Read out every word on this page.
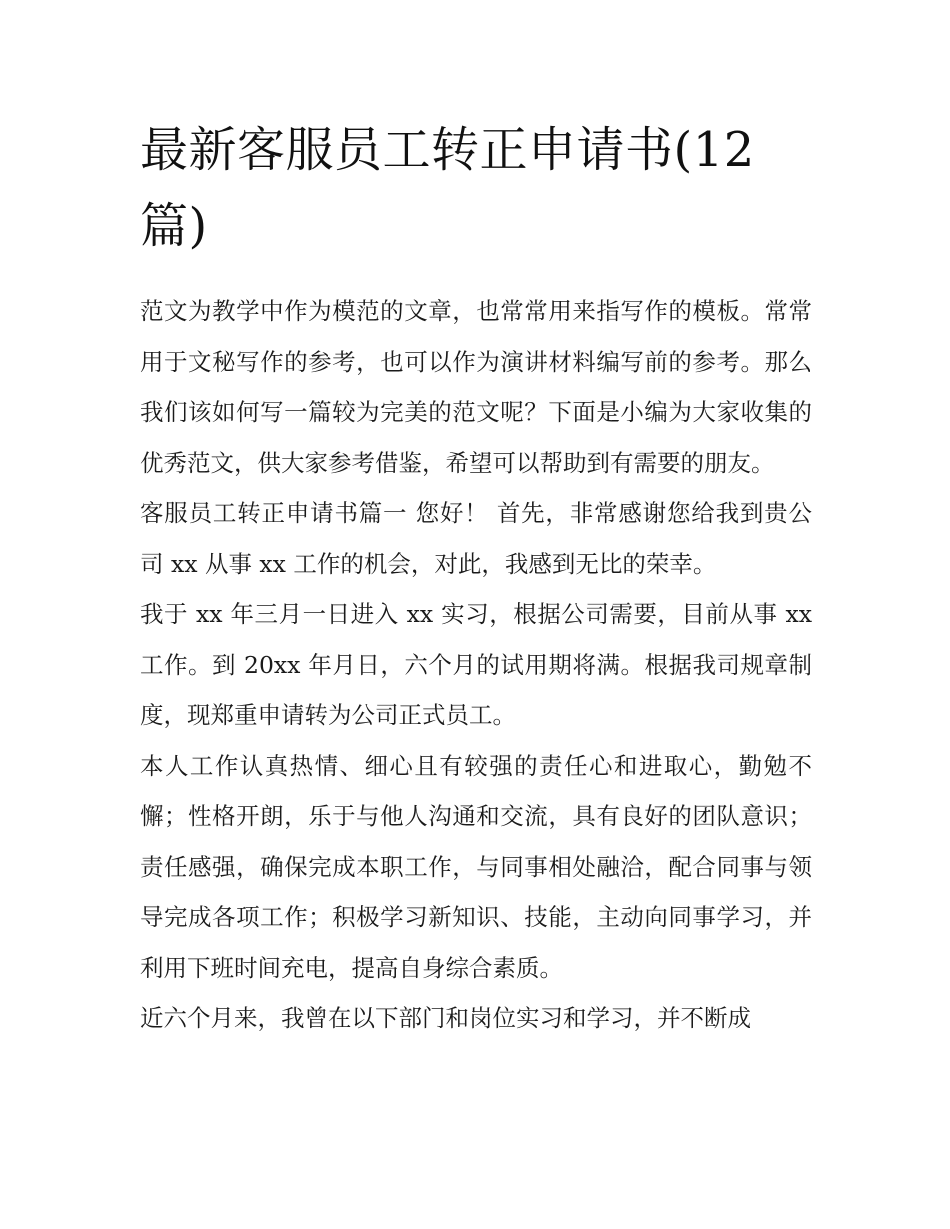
最新客服员工转正申请书(12
篇)

范文为教学中作为模范的文章，也常常用来指写作的模板。常常用于文秘写作的参考，也可以作为演讲材料编写前的参考。那么我们该如何写一篇较为完美的范文呢？下面是小编为大家收集的优秀范文，供大家参考借鉴，希望可以帮助到有需要的朋友。

客服员工转正申请书篇一 您好！ 首先，非常感谢您给我到贵公司 xx 从事 xx 工作的机会，对此，我感到无比的荣幸。

我于 xx 年三月一日进入 xx 实习，根据公司需要，目前从事 xx 工作。到 20xx 年月日，六个月的试用期将满。根据我司规章制度，现郑重申请转为公司正式员工。

本人工作认真热情、细心且有较强的责任心和进取心，勤勉不懈；性格开朗，乐于与他人沟通和交流，具有良好的团队意识；责任感强，确保完成本职工作，与同事相处融洽，配合同事与领导完成各项工作；积极学习新知识、技能，主动向同事学习，并利用下班时间充电，提高自身综合素质。

近六个月来，我曾在以下部门和岗位实习和学习，并不断成
